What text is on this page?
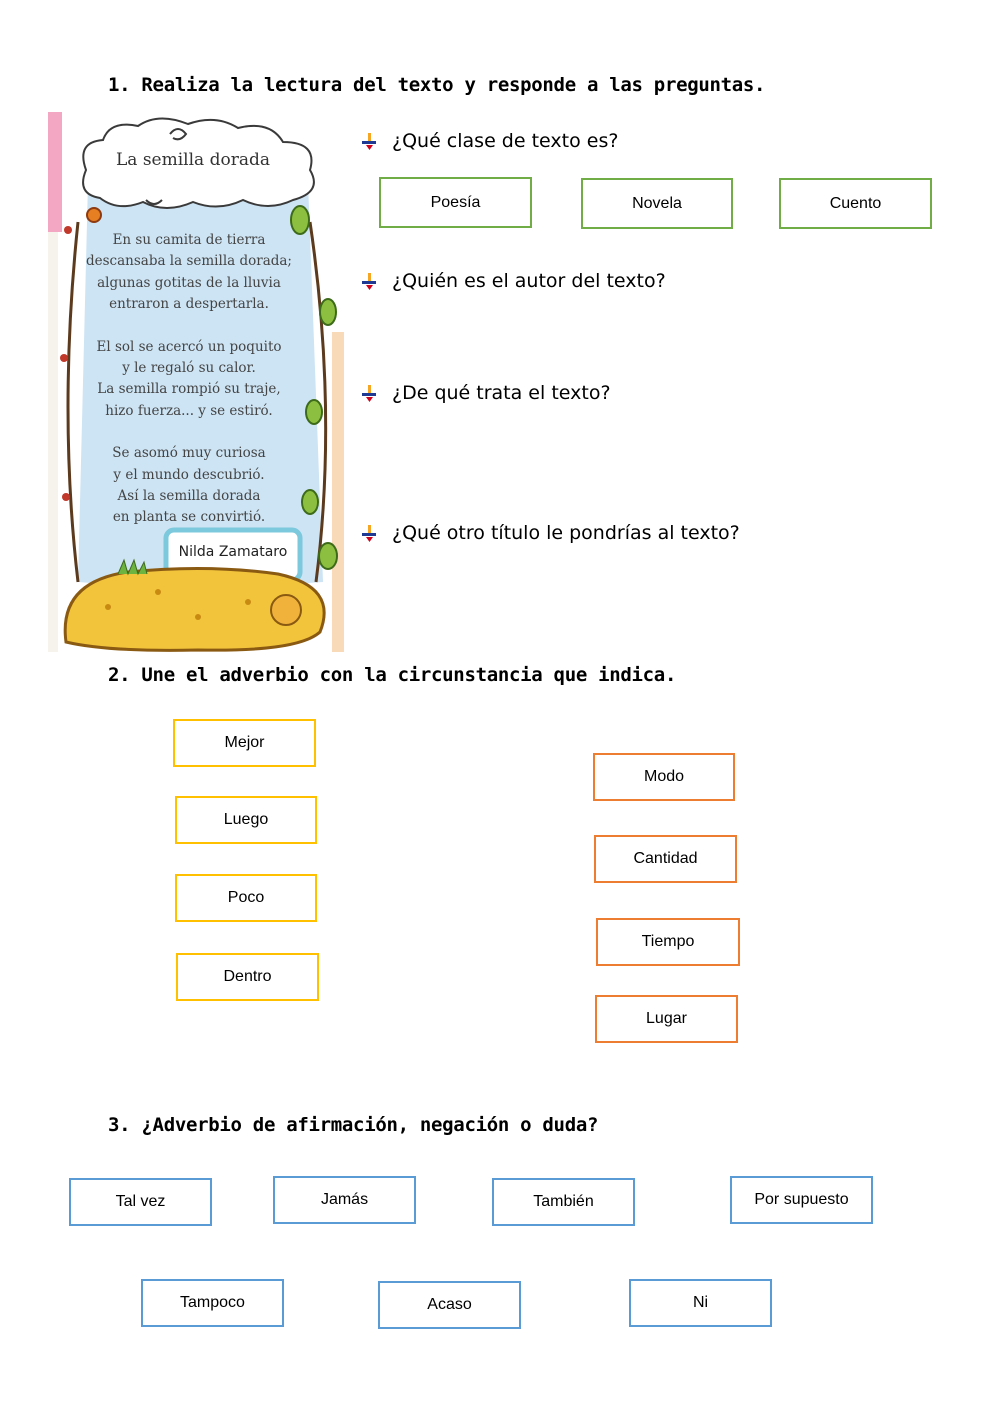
1. Realiza la lectura del texto y responde a las preguntas.
La semilla dorada
En su camita de tierra
descansaba la semilla dorada;
algunas gotitas de la lluvia
entraron a despertarla.
El sol se acercó un poquito
y le regaló su calor.
La semilla rompió su traje,
hizo fuerza... y se estiró.
Se asomó muy curiosa
y el mundo descubrió.
Así la semilla dorada
en planta se convirtió.
Nilda Zamataro
¿Qué clase de texto es?
Poesía	Novela	Cuento
¿Quién es el autor del texto?
¿De qué trata el texto?
¿Qué otro título le pondrías al texto?
2. Une el adverbio con la circunstancia que indica.
Mejor
Luego
Poco
Dentro
Modo
Cantidad
Tiempo
Lugar
3. ¿Adverbio de afirmación, negación o duda?
Tal vez	Jamás	También	Por supuesto
Tampoco	Acaso	Ni
